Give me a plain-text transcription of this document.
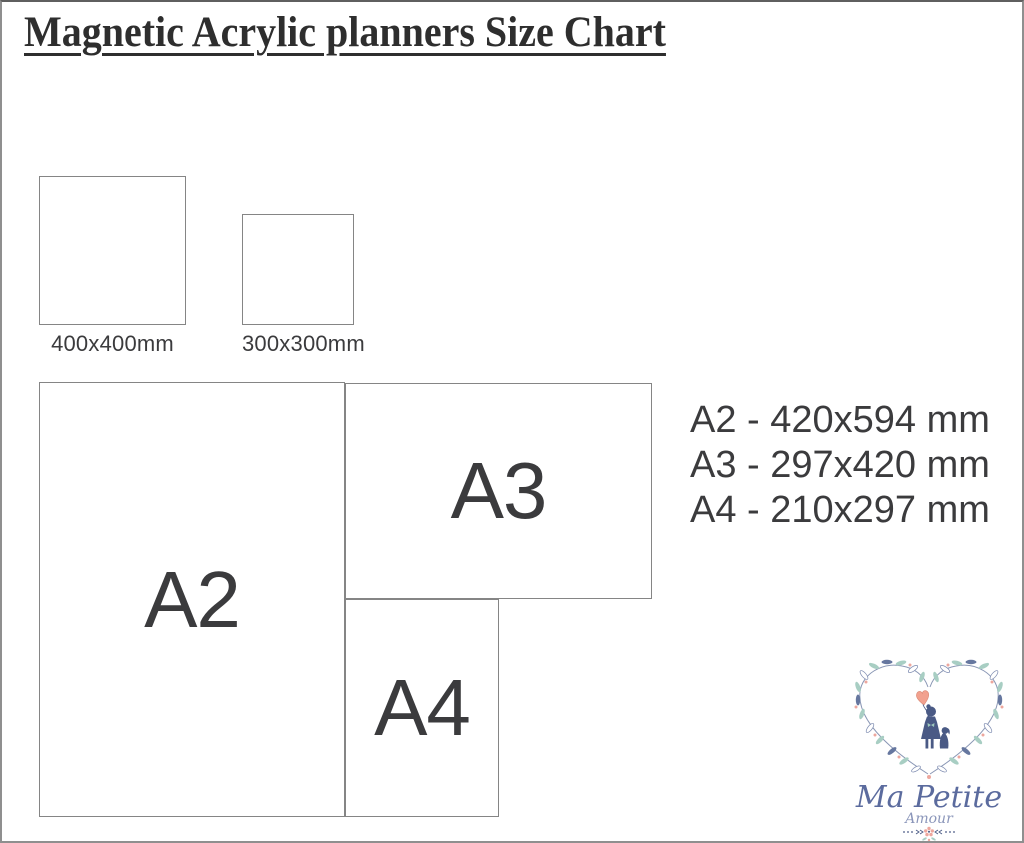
Magnetic Acrylic planners Size Chart
400x400mm	300x300mm
A2
A3
A4
A2 - 420x594 mm
A3 - 297x420 mm
A4 - 210x297 mm
Ma Petite
Amour
